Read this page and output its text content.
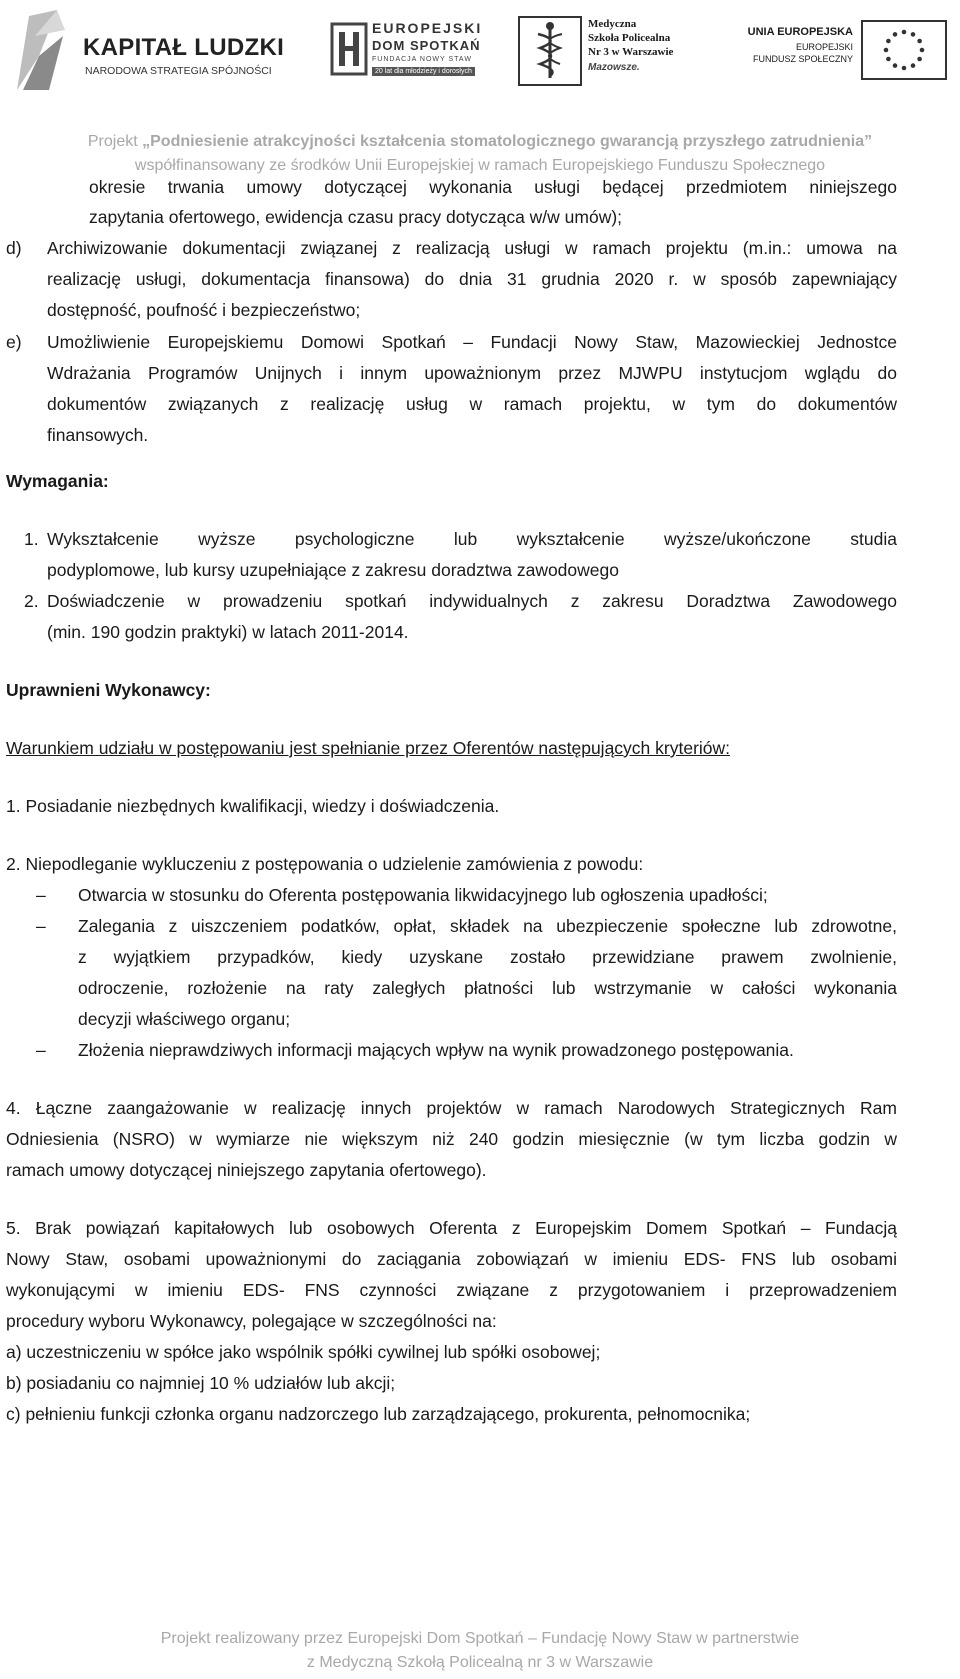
KAPITAŁ LUDZKI
NARODOWA STRATEGIA SPÓJNOŚCI
EUROPEJSKI
DOM SPOTKAŃ
FUNDACJA NOWY STAW
20 lat dla młodzieży i dorosłych
Medyczna
Szkoła Policealna
Nr 3 w Warszawie
Mazowsze.
UNIA EUROPEJSKA
EUROPEJSKI
FUNDUSZ SPOŁECZNY
Projekt „Podniesienie atrakcyjności kształcenia stomatologicznego gwarancją przyszłego zatrudnienia”
współfinansowany ze środków Unii Europejskiej w ramach Europejskiego Funduszu Społecznego
okresie trwania umowy dotyczącej wykonania usługi będącej przedmiotem niniejszego
zapytania ofertowego, ewidencja czasu pracy dotycząca w/w umów);
d) Archiwizowanie dokumentacji związanej z realizacją usługi w ramach projektu (m.in.: umowa na
realizację usługi, dokumentacja finansowa) do dnia 31 grudnia 2020 r. w sposób zapewniający
dostępność, poufność i bezpieczeństwo;
e) Umożliwienie Europejskiemu Domowi Spotkań – Fundacji Nowy Staw, Mazowieckiej Jednostce
Wdrażania Programów Unijnych i innym upoważnionym przez MJWPU instytucjom wglądu do
dokumentów związanych z realizację usług w ramach projektu, w tym do dokumentów
finansowych.
Wymagania:
1. Wykształcenie wyższe psychologiczne lub wykształcenie wyższe/ukończone studia
podyplomowe, lub kursy uzupełniające z zakresu doradztwa zawodowego
2. Doświadczenie w prowadzeniu spotkań indywidualnych z zakresu Doradztwa Zawodowego
(min. 190 godzin praktyki) w latach 2011-2014.
Uprawnieni Wykonawcy:
Warunkiem udziału w postępowaniu jest spełnianie przez Oferentów następujących kryteriów:
1. Posiadanie niezbędnych kwalifikacji, wiedzy i doświadczenia.
2. Niepodleganie wykluczeniu z postępowania o udzielenie zamówienia z powodu:
– Otwarcia w stosunku do Oferenta postępowania likwidacyjnego lub ogłoszenia upadłości;
– Zalegania z uiszczeniem podatków, opłat, składek na ubezpieczenie społeczne lub zdrowotne,
z wyjątkiem przypadków, kiedy uzyskane zostało przewidziane prawem zwolnienie,
odroczenie, rozłożenie na raty zaległych płatności lub wstrzymanie w całości wykonania
decyzji właściwego organu;
– Złożenia nieprawdziwych informacji mających wpływ na wynik prowadzonego postępowania.
4. Łączne zaangażowanie w realizację innych projektów w ramach Narodowych Strategicznych Ram
Odniesienia (NSRO) w wymiarze nie większym niż 240 godzin miesięcznie (w tym liczba godzin w
ramach umowy dotyczącej niniejszego zapytania ofertowego).
5. Brak powiązań kapitałowych lub osobowych Oferenta z Europejskim Domem Spotkań – Fundacją
Nowy Staw, osobami upoważnionymi do zaciągania zobowiązań w imieniu EDS- FNS lub osobami
wykonującymi w imieniu EDS- FNS czynności związane z przygotowaniem i przeprowadzeniem
procedury wyboru Wykonawcy, polegające w szczególności na:
a) uczestniczeniu w spółce jako wspólnik spółki cywilnej lub spółki osobowej;
b) posiadaniu co najmniej 10 % udziałów lub akcji;
c) pełnieniu funkcji członka organu nadzorczego lub zarządzającego, prokurenta, pełnomocnika;
Projekt realizowany przez Europejski Dom Spotkań – Fundację Nowy Staw w partnerstwie
z Medyczną Szkołą Policealną nr 3 w Warszawie
